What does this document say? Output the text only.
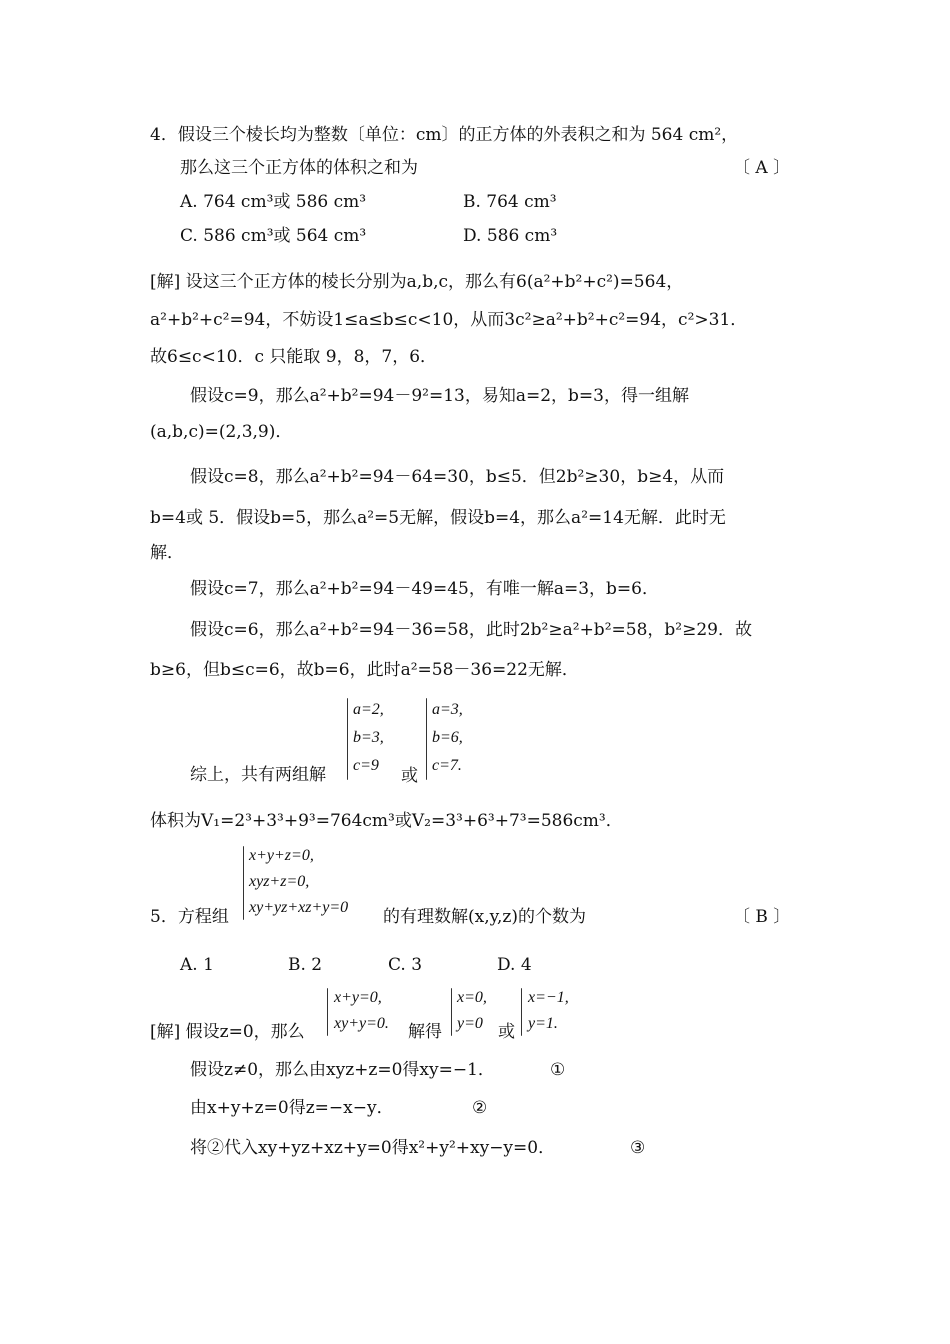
4．假设三个棱长均为整数〔单位：cm〕的正方体的外表积之和为 564 cm²，
那么这三个正方体的体积之和为	〔 A 〕
A. 764 cm³或 586 cm³	B. 764 cm³
C. 586 cm³或 564 cm³	D. 586 cm³
[解] 设这三个正方体的棱长分别为a,b,c，那么有6(a²+b²+c²)=564，
a²+b²+c²=94，不妨设1≤a≤b≤c<10，从而3c²≥a²+b²+c²=94，c²>31．
故6≤c<10．c 只能取 9，8，7，6．
假设c=9，那么a²+b²=94－9²=13，易知a=2，b=3，得一组解
(a,b,c)=(2,3,9)．
假设c=8，那么a²+b²=94－64=30，b≤5．但2b²≥30，b≥4，从而
b=4或 5．假设b=5，那么a²=5无解，假设b=4，那么a²=14无解．此时无
解．
假设c=7，那么a²+b²=94－49=45，有唯一解a=3，b=6．
假设c=6，那么a²+b²=94－36=58，此时2b²≥a²+b²=58，b²≥29．故
b≥6，但b≤c=6，故b=6，此时a²=58－36=22无解．
综上，共有两组解
a=2,
b=3,
c=9
或
a=3,
b=6,
c=7.
体积为V₁=2³+3³+9³=764cm³或V₂=3³+6³+7³=586cm³．
x+y+z=0,
xyz+z=0,
xy+yz+xz+y=0
5．方程组	的有理数解(x,y,z)的个数为	〔 B 〕
A. 1	B. 2	C. 3	D. 4
[解] 假设z=0，那么
x+y=0,
xy+y=0. 解得
x=0,
y=0 或
x=−1,
y=1.
假设z≠0，那么由xyz+z=0得xy=−1．	①
由x+y+z=0得z=−x−y．	②
将②代入xy+yz+xz+y=0得x²+y²+xy−y=0．	③
